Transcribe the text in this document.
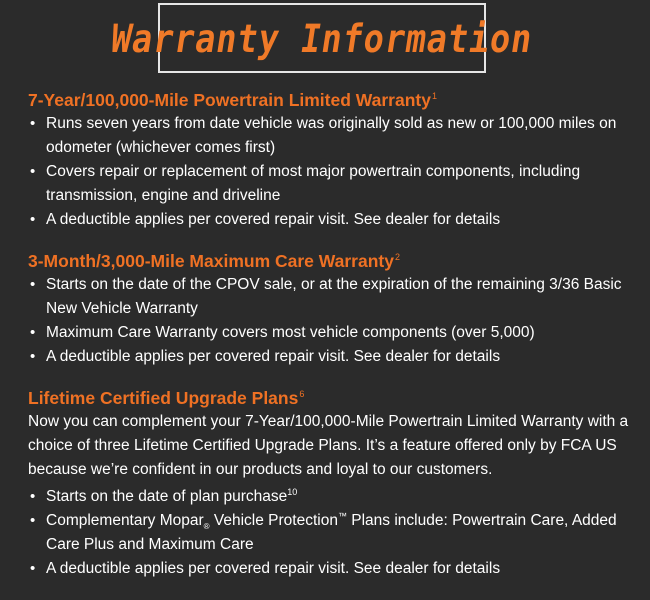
Warranty Information
7-Year/100,000-Mile Powertrain Limited Warranty$^1$
• Runs seven years from date vehicle was originally sold as new or 100,000 miles on odometer (whichever comes first)
• Covers repair or replacement of most major powertrain components, including transmission, engine and driveline
• A deductible applies per covered repair visit. See dealer for details
3-Month/3,000-Mile Maximum Care Warranty$^2$
• Starts on the date of the CPOV sale, or at the expiration of the remaining 3/36 Basic New Vehicle Warranty
• Maximum Care Warranty covers most vehicle components (over 5,000)
• A deductible applies per covered repair visit. See dealer for details
Lifetime Certified Upgrade Plans$^6$

Now you can complement your 7-Year/100,000-Mile Powertrain Limited Warranty with a choice of three Lifetime Certified Upgrade Plans. It’s a feature offered only by FCA US because we’re confident in our products and loyal to our customers.

• Starts on the date of plan purchase$^{10}$
• Complementary Mopar$_®$ Vehicle Protection™ Plans include: Powertrain Care, Added Care Plus and Maximum Care
• A deductible applies per covered repair visit. See dealer for details
